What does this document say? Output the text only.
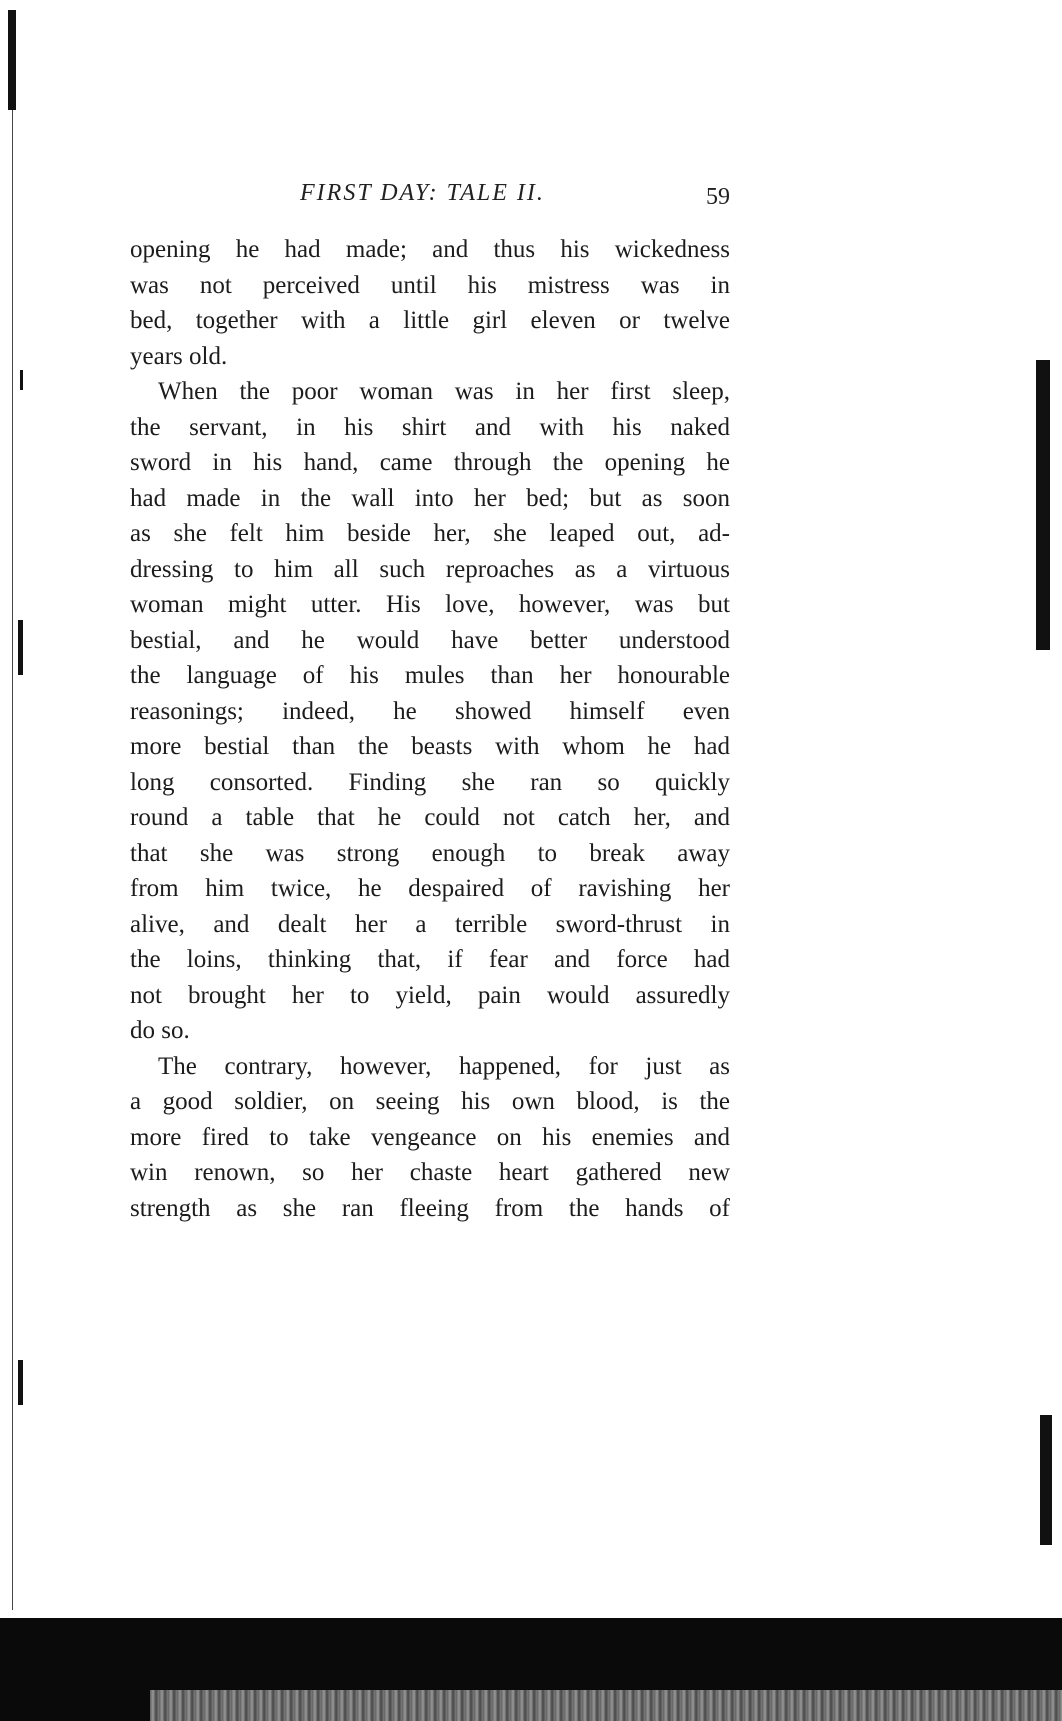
FIRST DAY: TALE II.	59
opening he had made; and thus his wickedness
was not perceived until his mistress was in
bed, together with a little girl eleven or twelve
years old.
When the poor woman was in her first sleep,
the servant, in his shirt and with his naked
sword in his hand, came through the opening he
had made in the wall into her bed; but as soon
as she felt him beside her, she leaped out, ad-
dressing to him all such reproaches as a virtuous
woman might utter. His love, however, was but
bestial, and he would have better understood
the language of his mules than her honourable
reasonings; indeed, he showed himself even
more bestial than the beasts with whom he had
long consorted. Finding she ran so quickly
round a table that he could not catch her, and
that she was strong enough to break away
from him twice, he despaired of ravishing her
alive, and dealt her a terrible sword-thrust in
the loins, thinking that, if fear and force had
not brought her to yield, pain would assuredly
do so.
The contrary, however, happened, for just as
a good soldier, on seeing his own blood, is the
more fired to take vengeance on his enemies and
win renown, so her chaste heart gathered new
strength as she ran fleeing from the hands of
